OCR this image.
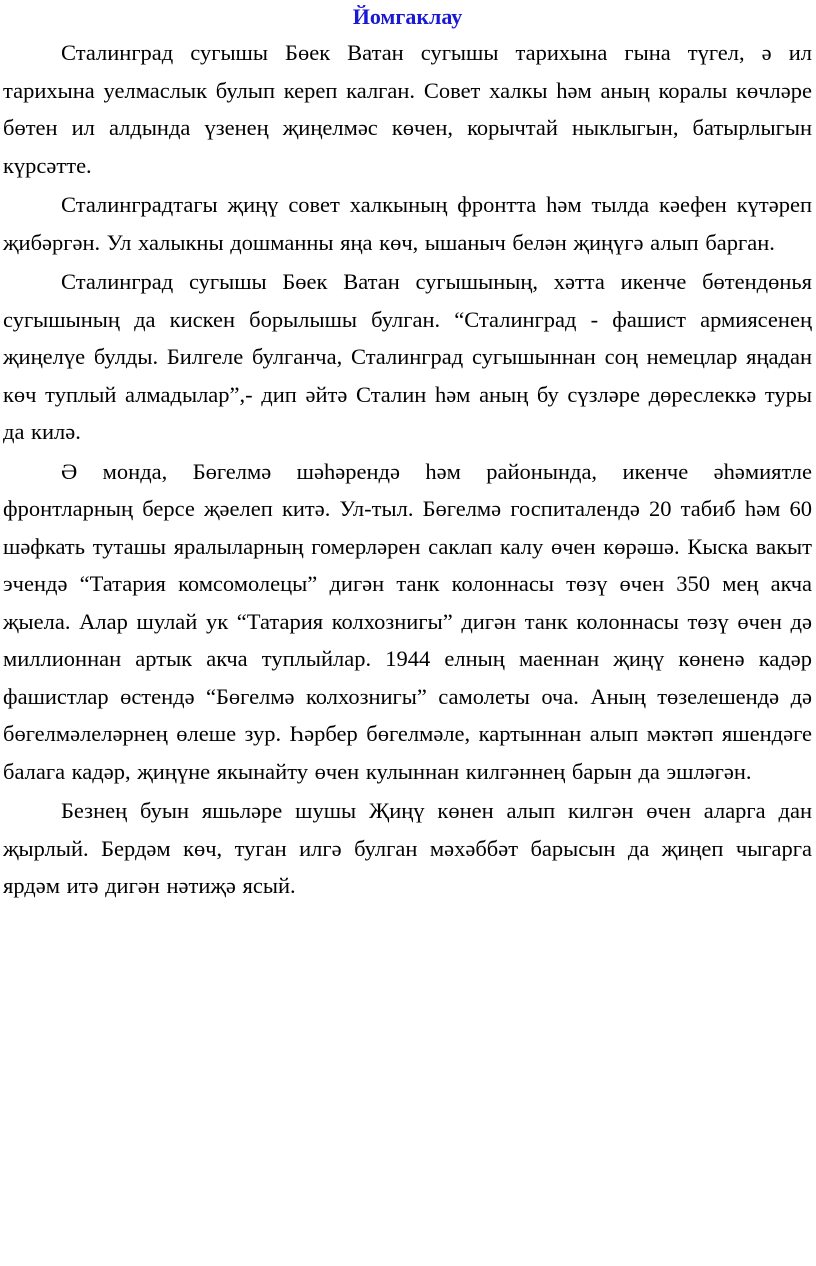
Йомгаклау

Сталинград сугышы Бөек Ватан сугышы тарихына гына түгел, ә ил тарихына уелмаслык булып кереп калган. Совет халкы һәм аның коралы көчләре бөтен ил алдында үзенең җиңелмәс көчен, корычтай ныклыгын, батырлыгын күрсәтте.

Сталинградтагы җиңү совет халкының фронтта һәм тылда кәефен күтәреп җибәргән. Ул халыкны дошманны яңа көч, ышаныч белән җиңүгә алып барган.

Сталинград сугышы Бөек Ватан сугышының, хәтта икенче бөтендөнья сугышының да кискен борылышы булган. “Сталинград - фашист армиясенең җиңелүе булды. Билгеле булганча, Сталинград сугышыннан соң немецлар яңадан көч туплый алмадылар”,- дип әйтә Сталин һәм аның бу сүзләре дөреслеккә туры да килә.

Ә монда, Бөгелмә шәһәрендә һәм районында, икенче әһәмиятле фронтларның берсе җәелеп китә. Ул-тыл. Бөгелмә госпиталендә 20 табиб һәм 60 шәфкать туташы яралыларның гомерләрен саклап калу өчен көрәшә. Кыска вакыт эчендә “Татария комсомолецы” дигән танк колоннасы төзү өчен 350 мең акча җыела. Алар шулай ук “Татария колхознигы” дигән танк колоннасы төзү өчен дә миллионнан артык акча туплыйлар. 1944 елның маеннан җиңү көненә кадәр фашистлар өстендә “Бөгелмә колхознигы” самолеты оча. Аның төзелешендә дә бөгелмәлеләрнең өлеше зур. Һәрбер бөгелмәле, картыннан алып мәктәп яшендәге балага кадәр, җиңүне якынайту өчен кулыннан килгәннең барын да эшләгән.

Безнең буын яшьләре шушы Җиңү көнен алып килгән өчен аларга дан җырлый. Бердәм көч, туган илгә булган мәхәббәт барысын да җиңеп чыгарга ярдәм итә дигән нәтиҗә ясый.
